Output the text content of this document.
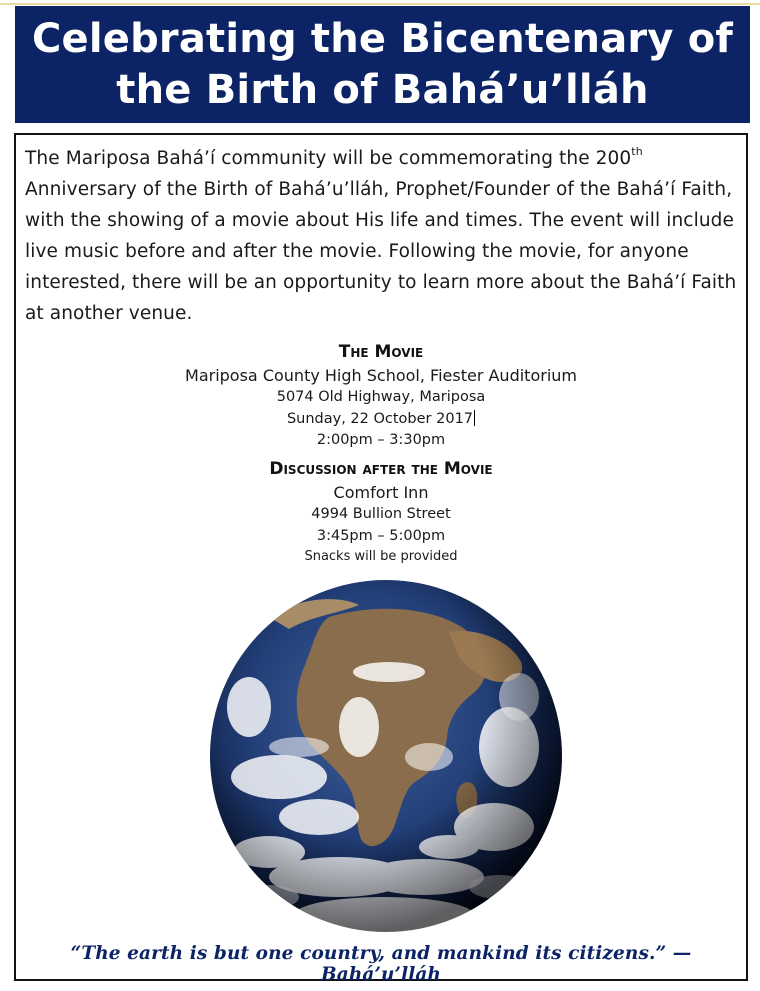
Celebrating the Bicentenary of the Birth of Bahá’u’lláh

The Mariposa Bahá’í community will be commemorating the 200th Anniversary of the Birth of Bahá’u’lláh, Prophet/Founder of the Bahá’í Faith, with the showing of a movie about His life and times. The event will include live music before and after the movie. Following the movie, for anyone interested, there will be an opportunity to learn more about the Bahá’í Faith at another venue.

The Movie
Mariposa County High School, Fiester Auditorium
5074 Old Highway, Mariposa
Sunday, 22 October 2017
2:00pm – 3:30pm
Discussion after the Movie
Comfort Inn
4994 Bullion Street
3:45pm – 5:00pm
Snacks will be provided
“The earth is but one country, and mankind its citizens.” — Bahá’u’lláh
